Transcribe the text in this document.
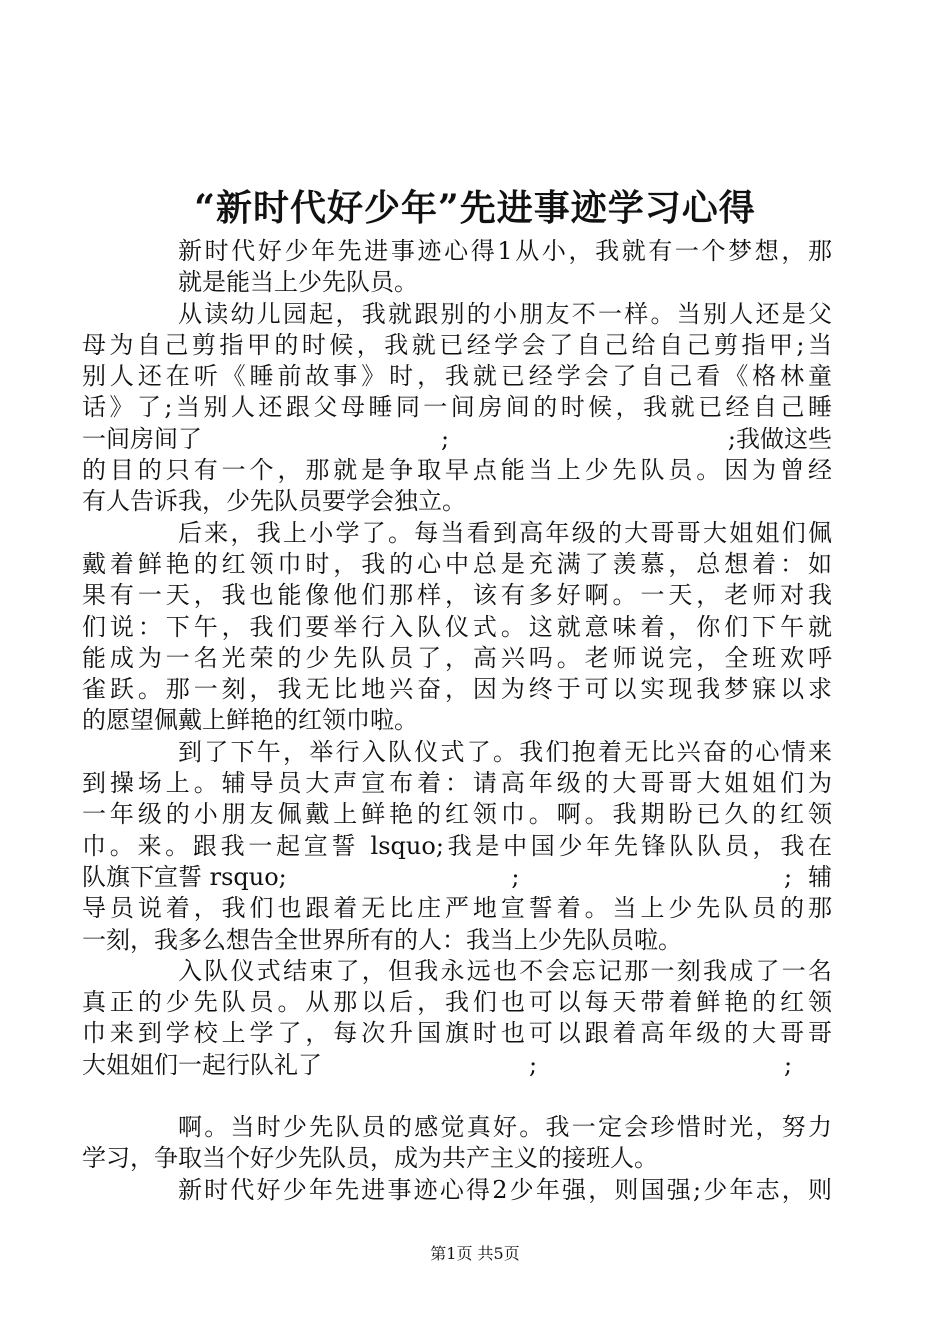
“新时代好少年”先进事迹学习心得

新时代好少年先进事迹心得1从小，我就有一个梦想，那
就是能当上少先队员。

从读幼儿园起，我就跟别的小朋友不一样。当别人还是父
母为自己剪指甲的时候，我就已经学会了自己给自己剪指甲;当
别人还在听《睡前故事》时，我就已经学会了自己看《格林童
话》了;当别人还跟父母睡同一间房间的时候，我就已经自己睡
一间房间了	;	;我做这些
的目的只有一个，那就是争取早点能当上少先队员。因为曾经
有人告诉我，少先队员要学会独立。

后来，我上小学了。每当看到高年级的大哥哥大姐姐们佩
戴着鲜艳的红领巾时，我的心中总是充满了羡慕，总想着：如
果有一天，我也能像他们那样，该有多好啊。一天，老师对我
们说：下午，我们要举行入队仪式。这就意味着，你们下午就
能成为一名光荣的少先队员了，高兴吗。老师说完，全班欢呼
雀跃。那一刻，我无比地兴奋，因为终于可以实现我梦寐以求
的愿望佩戴上鲜艳的红领巾啦。

到了下午，举行入队仪式了。我们抱着无比兴奋的心情来
到操场上。辅导员大声宣布着：请高年级的大哥哥大姐姐们为
一年级的小朋友佩戴上鲜艳的红领巾。啊。我期盼已久的红领
巾。来。跟我一起宣誓 lsquo;我是中国少年先锋队队员，我在
队旗下宣誓 rsquo;	;	;辅
导员说着，我们也跟着无比庄严地宣誓着。当上少先队员的那
一刻，我多么想告全世界所有的人：我当上少先队员啦。

入队仪式结束了，但我永远也不会忘记那一刻我成了一名
真正的少先队员。从那以后，我们也可以每天带着鲜艳的红领
巾来到学校上学了，每次升国旗时也可以跟着高年级的大哥哥
大姐姐们一起行队礼了	;	;

啊。当时少先队员的感觉真好。我一定会珍惜时光，努力
学习，争取当个好少先队员，成为共产主义的接班人。

新时代好少年先进事迹心得2少年强，则国强;少年志，则

第1页 共5页
